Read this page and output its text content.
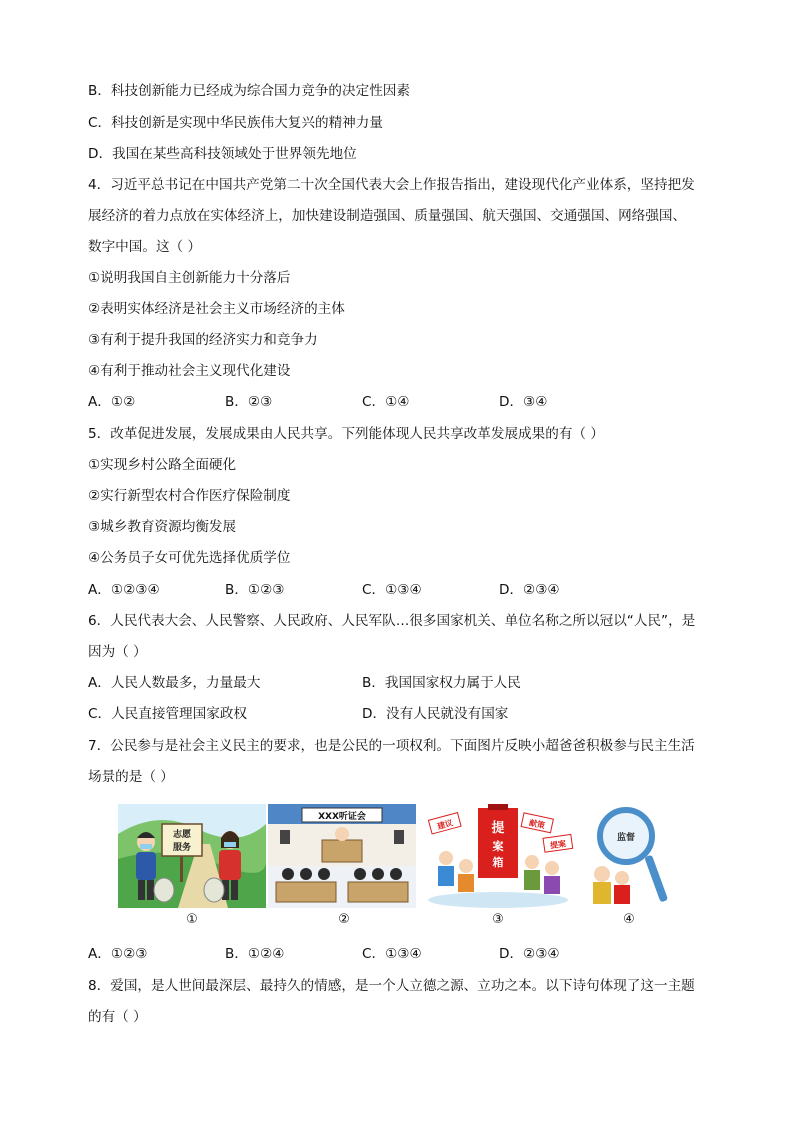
B．科技创新能力已经成为综合国力竞争的决定性因素
C．科技创新是实现中华民族伟大复兴的精神力量
D．我国在某些高科技领域处于世界领先地位
4．习近平总书记在中国共产党第二十次全国代表大会上作报告指出，建设现代化产业体系，坚持把发
展经济的着力点放在实体经济上，加快建设制造强国、质量强国、航天强国、交通强国、网络强国、
数字中国。这（ ）
①说明我国自主创新能力十分落后
②表明实体经济是社会主义市场经济的主体
③有利于提升我国的经济实力和竞争力
④有利于推动社会主义现代化建设
A．①②	B．②③	C．①④	D．③④
5．改革促进发展，发展成果由人民共享。下列能体现人民共享改革发展成果的有（ ）
①实现乡村公路全面硬化
②实行新型农村合作医疗保险制度
③城乡教育资源均衡发展
④公务员子女可优先选择优质学位
A．①②③④	B．①②③	C．①③④	D．②③④
6．人民代表大会、人民警察、人民政府、人民军队…很多国家机关、单位名称之所以冠以“人民”，是
因为（ ）
A．人民人数最多，力量最大	B．我国国家权力属于人民
C．人民直接管理国家政权	D．没有人民就没有国家
7．公民参与是社会主义民主的要求，也是公民的一项权利。下面图片反映小超爸爸积极参与民主生活
场景的是（ ）
志愿
服务
①
XXX听证会
②
提
案
箱
建议	献策
提案
③
监督
④
A．①②③	B．①②④	C．①③④	D．②③④
8．爱国，是人世间最深层、最持久的情感，是一个人立德之源、立功之本。以下诗句体现了这一主题
的有（ ）
